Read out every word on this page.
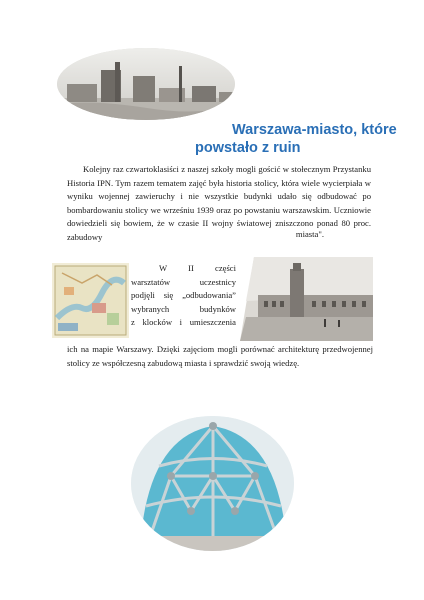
Warszawa-miasto, które
powstało z ruin
Kolejny raz czwartoklasiści z naszej szkoły mogli gościć w stołecznym Przystanku Historia IPN. Tym razem tematem zajęć była historia stolicy, która wiele wycierpiała w wyniku wojennej zawieruchy i nie wszystkie budynki udało się odbudować po bombardowaniu stolicy we wrześniu 1939 oraz po powstaniu warszawskim. Uczniowie dowiedzieli się bowiem, że w czasie II wojny światowej zniszczono ponad 80 proc. zabudowy	miasta".
W II części
warsztatów uczestnicy
podjęli się „odbudowania”
wybranych budynków
z klocków i umieszczenia
ich na mapie Warszawy. Dzięki zajęciom mogli porównać architekturę przedwojennej stolicy ze współczesną zabudową miasta i sprawdzić swoją wiedzę.
